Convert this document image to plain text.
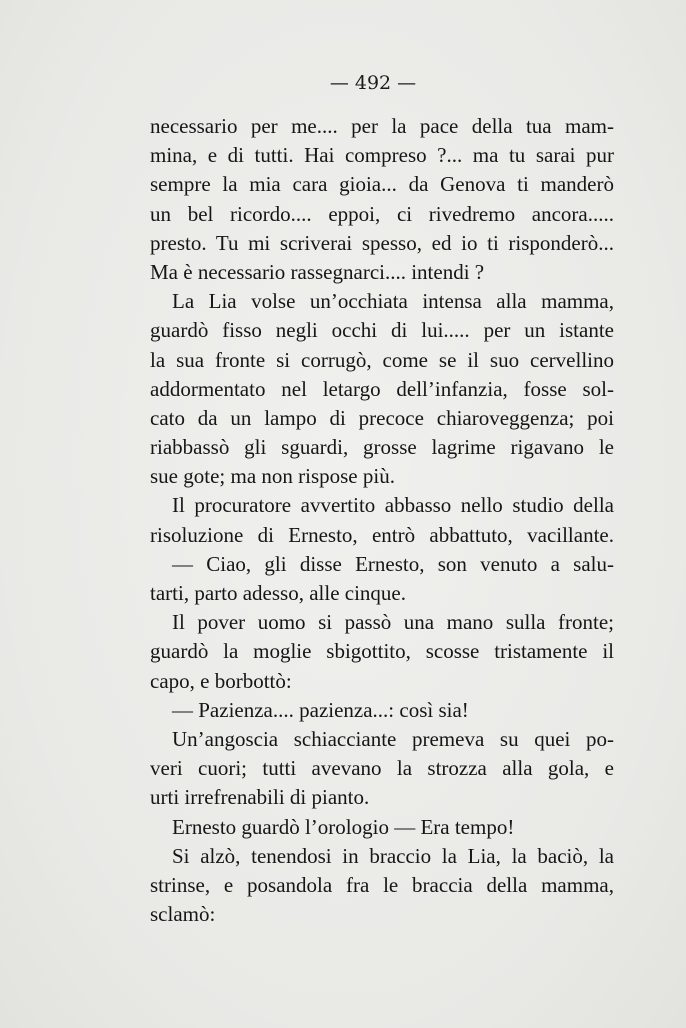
— 492 —
necessario per me.... per la pace della tua mam-
mina, e di tutti. Hai compreso ?... ma tu sarai pur
sempre la mia cara gioia... da Genova ti manderò
un bel ricordo.... eppoi, ci rivedremo ancora.....
presto. Tu mi scriverai spesso, ed io ti risponderò...
Ma è necessario rassegnarci.... intendi ?
La Lia volse un’occhiata intensa alla mamma,
guardò fisso negli occhi di lui..... per un istante
la sua fronte si corrugò, come se il suo cervellino
addormentato nel letargo dell’infanzia, fosse sol-
cato da un lampo di precoce chiaroveggenza; poi
riabbassò gli sguardi, grosse lagrime rigavano le
sue gote; ma non rispose più.
Il procuratore avvertito abbasso nello studio della
risoluzione di Ernesto, entrò abbattuto, vacillante.
— Ciao, gli disse Ernesto, son venuto a salu-
tarti, parto adesso, alle cinque.
Il pover uomo si passò una mano sulla fronte;
guardò la moglie sbigottito, scosse tristamente il
capo, e borbottò:
— Pazienza.... pazienza...: così sia!
Un’angoscia schiacciante premeva su quei po-
veri cuori; tutti avevano la strozza alla gola, e
urti irrefrenabili di pianto.
Ernesto guardò l’orologio — Era tempo!
Si alzò, tenendosi in braccio la Lia, la baciò, la
strinse, e posandola fra le braccia della mamma,
sclamò:
